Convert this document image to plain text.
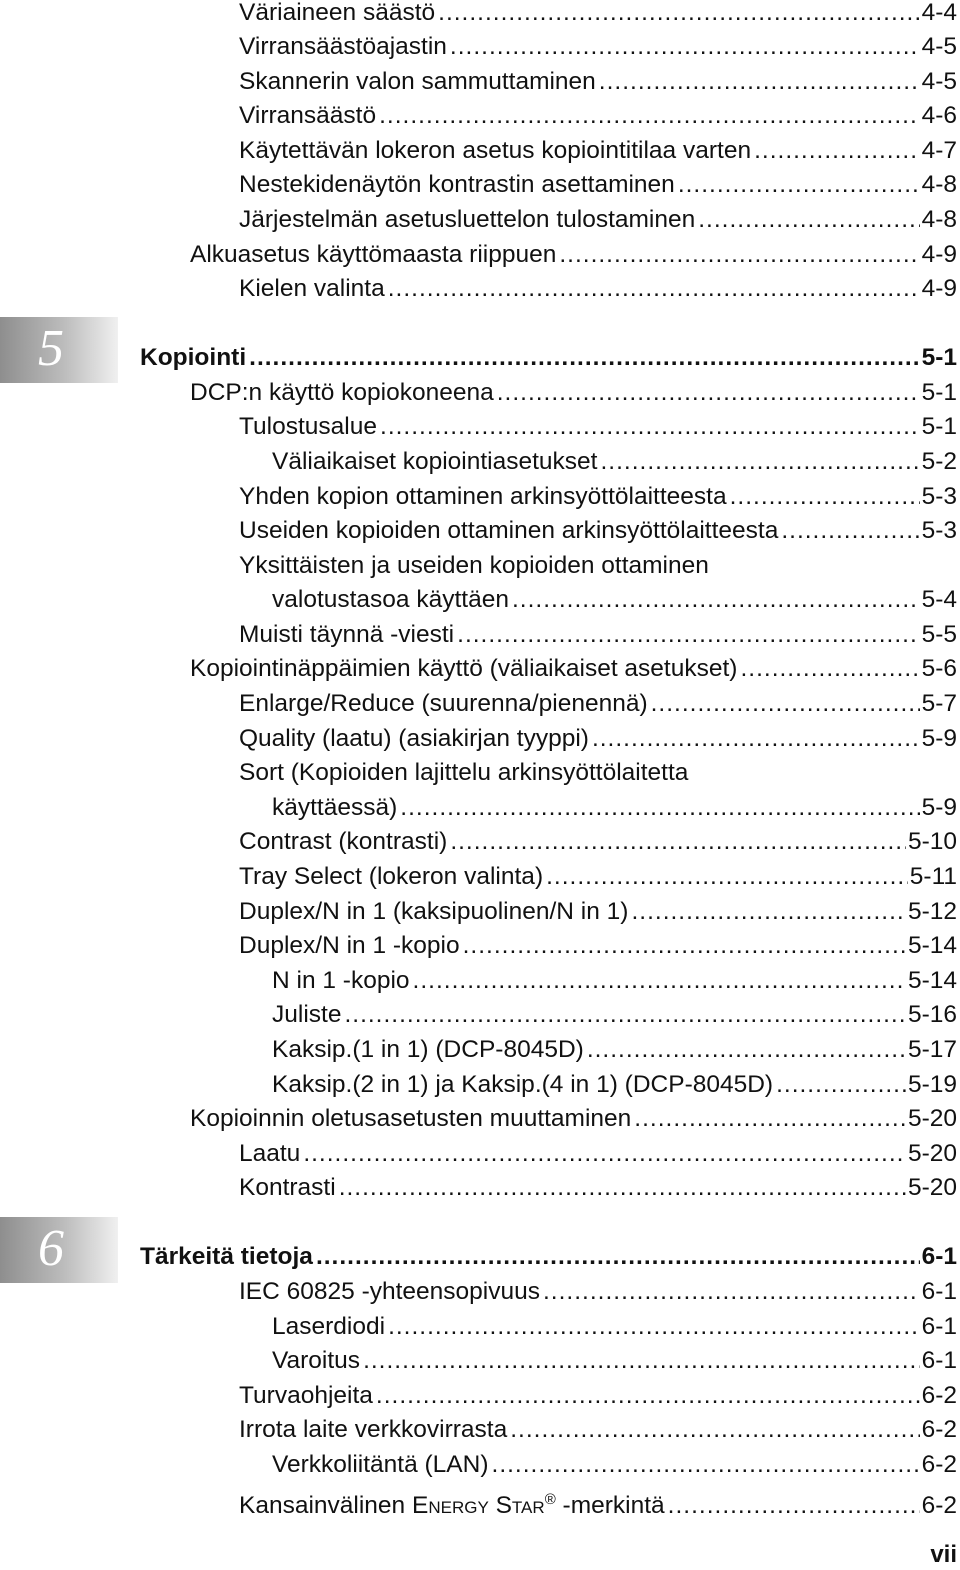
5
6
Väriaineen säästö .....	4-4
Virransäästöajastin .....	4-5
Skannerin valon sammuttaminen .....	4-5
Virransäästö .....	4-6
Käytettävän lokeron asetus kopiointitilaa varten .....	4-7
Nestekidenäytön kontrastin asettaminen .....	4-8
Järjestelmän asetusluettelon tulostaminen .....	4-8
Alkuasetus käyttömaasta riippuen .....	4-9
Kielen valinta .....	4-9
Kopiointi .....	5-1
DCP:n käyttö kopiokoneena .....	5-1
Tulostusalue .....	5-1
Väliaikaiset kopiointiasetukset .....	5-2
Yhden kopion ottaminen arkinsyöttölaitteesta .....	5-3
Useiden kopioiden ottaminen arkinsyöttölaitteesta .....	5-3
Yksittäisten ja useiden kopioiden ottaminen
valotustasoa käyttäen .....	5-4
Muisti täynnä -viesti .....	5-5
Kopiointinäppäimien käyttö (väliaikaiset asetukset) .....	5-6
Enlarge/Reduce (suurenna/pienennä) .....	5-7
Quality (laatu) (asiakirjan tyyppi) .....	5-9
Sort (Kopioiden lajittelu arkinsyöttölaitetta
käyttäessä) .....	5-9
Contrast (kontrasti) .....	5-10
Tray Select (lokeron valinta) .....	5-11
Duplex/N in 1 (kaksipuolinen/N in 1) .....	5-12
Duplex/N in 1 -kopio .....	5-14
N in 1 -kopio .....	5-14
Juliste .....	5-16
Kaksip.(1 in 1) (DCP-8045D) .....	5-17
Kaksip.(2 in 1) ja Kaksip.(4 in 1) (DCP-8045D) .....	5-19
Kopioinnin oletusasetusten muuttaminen .....	5-20
Laatu .....	5-20
Kontrasti .....	5-20
Tärkeitä tietoja .....	6-1
IEC 60825 -yhteensopivuus .....	6-1
Laserdiodi .....	6-1
Varoitus .....	6-1
Turvaohjeita .....	6-2
Irrota laite verkkovirrasta .....	6-2
Verkkoliitäntä (LAN) .....	6-2
Kansainvälinen Energy Star® -merkintä .....	6-2
vii
